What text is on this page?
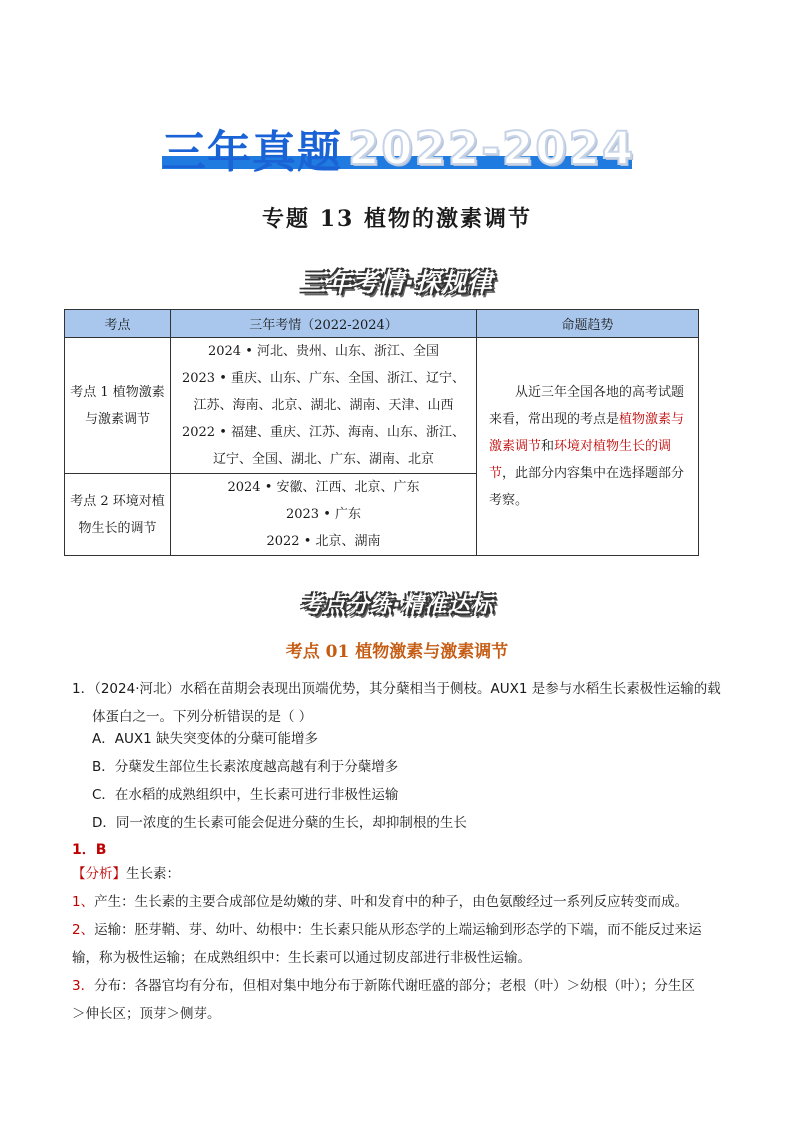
三年真题 2022-2024
专题 13 植物的激素调节
三年考情·探规律
考点	三年考情（2022-2024）	命题趋势
考点 1 植物激素与激素调节	2024 • 河北、贵州、山东、浙江、全国
2023 • 重庆、山东、广东、全国、浙江、辽宁、
江苏、海南、北京、湖北、湖南、天津、山西
2022 • 福建、重庆、江苏、海南、山东、浙江、
辽宁、全国、湖北、广东、湖南、北京	从近三年全国各地的高考试题来看，常出现的考点是植物激素与激素调节和环境对植物生长的调节，此部分内容集中在选择题部分考察。
考点 2 环境对植物生长的调节	2024 • 安徽、江西、北京、广东
2023 • 广东
2022 • 北京、湖南	
考点分练·精准达标
考点 01 植物激素与激素调节
1．（2024·河北）水稻在苗期会表现出顶端优势，其分蘖相当于侧枝。AUX1 是参与水稻生长素极性运输的载
体蛋白之一。下列分析错误的是（ ）
A．AUX1 缺失突变体的分蘖可能增多
B．分蘖发生部位生长素浓度越高越有利于分蘖增多
C．在水稻的成熟组织中，生长素可进行非极性运输
D．同一浓度的生长素可能会促进分蘖的生长，却抑制根的生长
1．B
【分析】生长素：
1、产生：生长素的主要合成部位是幼嫩的芽、叶和发育中的种子，由色氨酸经过一系列反应转变而成。
2、运输：胚芽鞘、芽、幼叶、幼根中：生长素只能从形态学的上端运输到形态学的下端，而不能反过来运
输，称为极性运输；在成熟组织中：生长素可以通过韧皮部进行非极性运输。
3．分布：各器官均有分布，但相对集中地分布于新陈代谢旺盛的部分；老根（叶）＞幼根（叶）；分生区
＞伸长区；顶芽＞侧芽。
